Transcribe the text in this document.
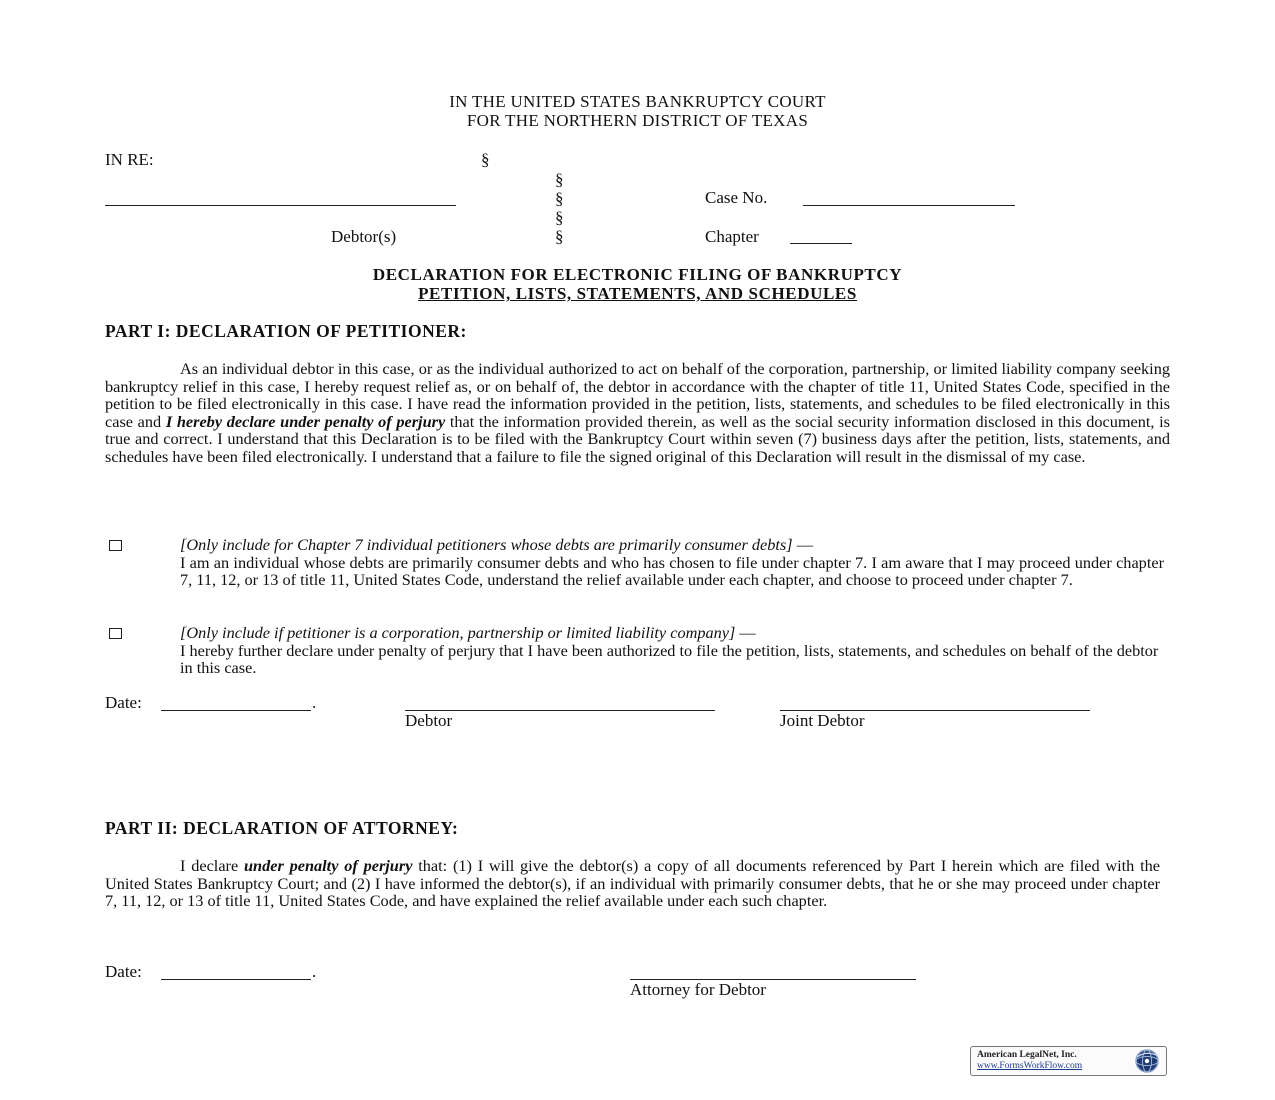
IN THE UNITED STATES BANKRUPTCY COURT
FOR THE NORTHERN DISTRICT OF TEXAS
IN RE:	§
§
§
§
§
Case No.
Debtor(s)	Chapter
DECLARATION FOR ELECTRONIC FILING OF BANKRUPTCY
PETITION, LISTS, STATEMENTS, AND SCHEDULES
PART I: DECLARATION OF PETITIONER:
As an individual debtor in this case, or as the individual authorized to act on behalf of the corporation, partnership, or limited liability company seeking bankruptcy relief in this case, I hereby request relief as, or on behalf of, the debtor in accordance with the chapter of title 11, United States Code, specified in the petition to be filed electronically in this case. I have read the information provided in the petition, lists, statements, and schedules to be filed electronically in this case and I hereby declare under penalty of perjury that the information provided therein, as well as the social security information disclosed in this document, is true and correct. I understand that this Declaration is to be filed with the Bankruptcy Court within seven (7) business days after the petition, lists, statements, and schedules have been filed electronically. I understand that a failure to file the signed original of this Declaration will result in the dismissal of my case.

[Only include for Chapter 7 individual petitioners whose debts are primarily consumer debts] —

I am an individual whose debts are primarily consumer debts and who has chosen to file under chapter 7. I am aware that I may proceed under chapter 7, 11, 12, or 13 of title 11, United States Code, understand the relief available under each chapter, and choose to proceed under chapter 7.

[Only include if petitioner is a corporation, partnership or limited liability company] —

I hereby further declare under penalty of perjury that I have been authorized to file the petition, lists, statements, and schedules on behalf of the debtor in this case.

Date:	.
Debtor	Joint Debtor
PART II: DECLARATION OF ATTORNEY:
I declare under penalty of perjury that: (1) I will give the debtor(s) a copy of all documents referenced by Part I herein which are filed with the United States Bankruptcy Court; and (2) I have informed the debtor(s), if an individual with primarily consumer debts, that he or she may proceed under chapter 7, 11, 12, or 13 of title 11, United States Code, and have explained the relief available under each such chapter.
Date:	.
Attorney for Debtor
American LegalNet, Inc.
www.FormsWorkFlow.com
